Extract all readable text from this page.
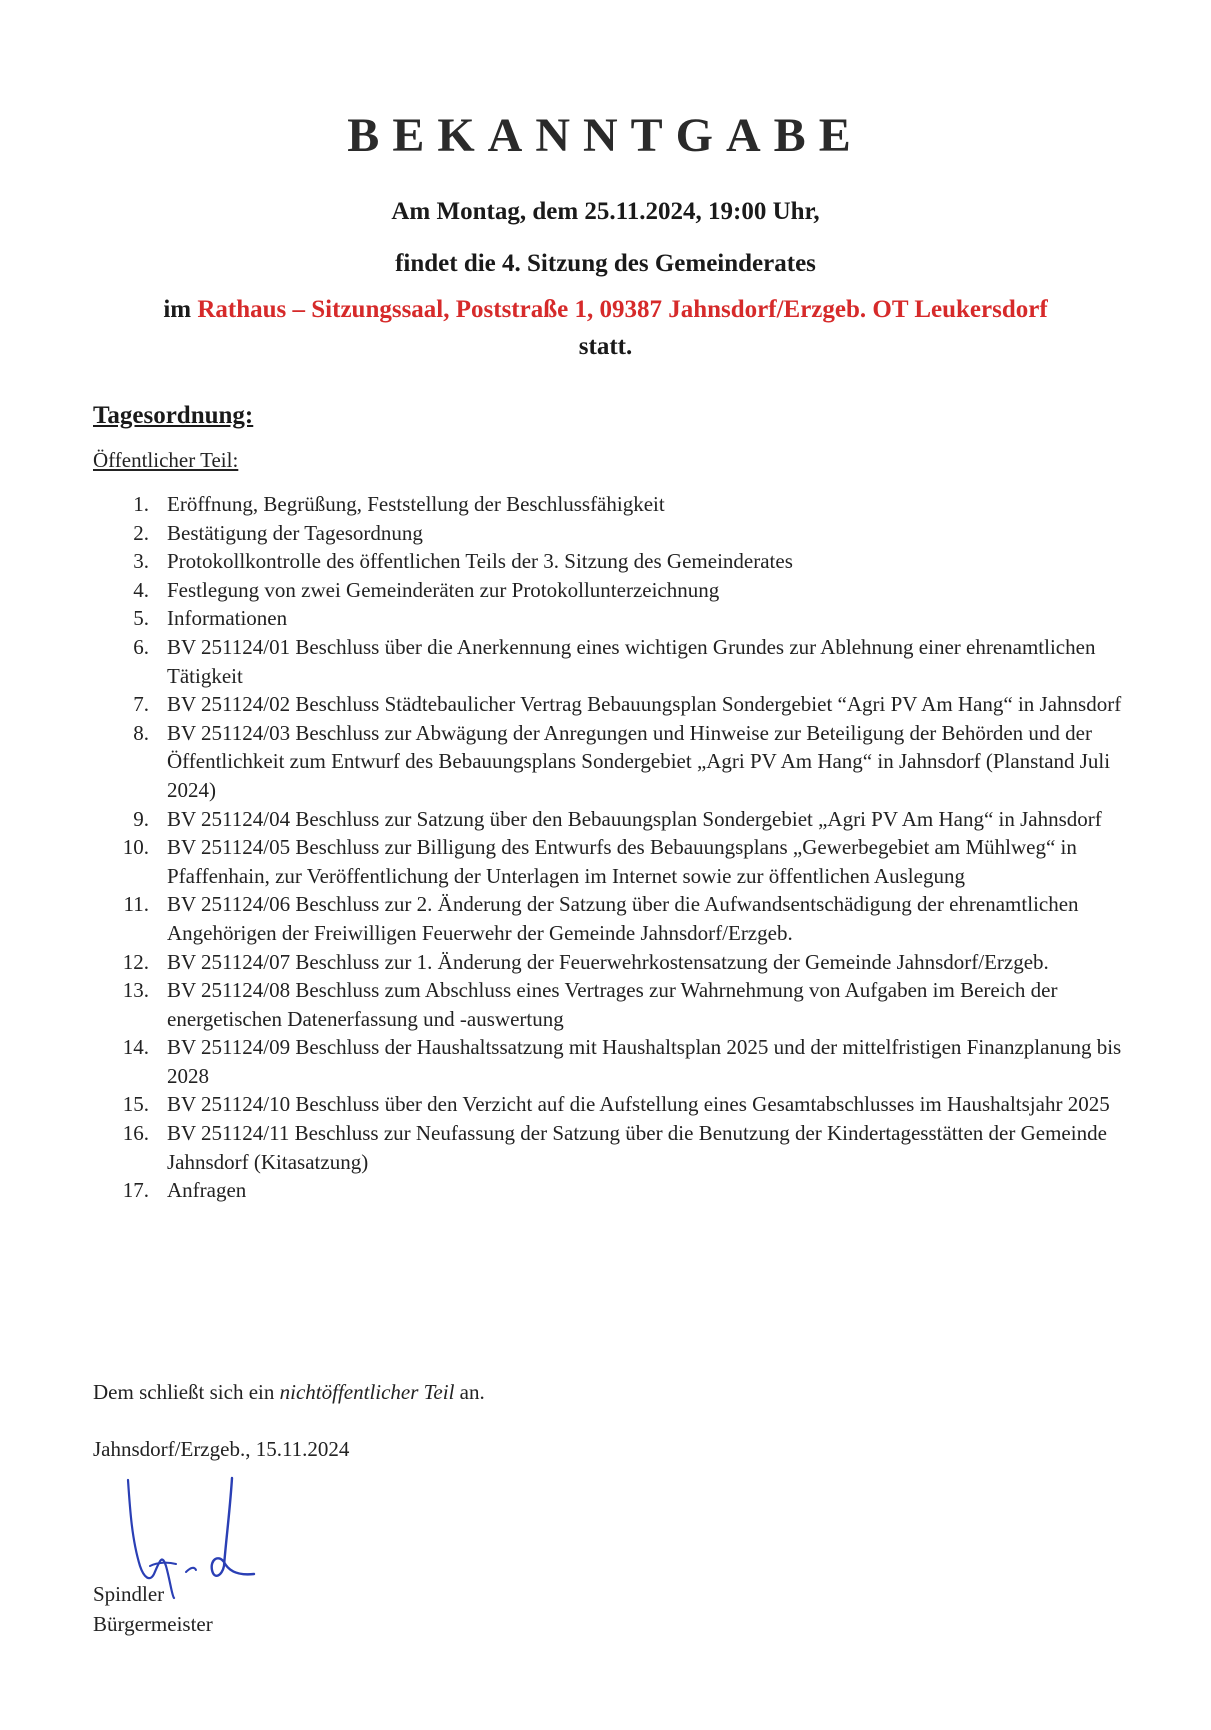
BEKANNTGABE
Am Montag, dem 25.11.2024, 19:00 Uhr,
findet die 4. Sitzung des Gemeinderates
im Rathaus – Sitzungssaal, Poststraße 1, 09387 Jahnsdorf/Erzgeb. OT Leukersdorf
statt.
Tagesordnung:
Öffentlicher Teil:
1. Eröffnung, Begrüßung, Feststellung der Beschlussfähigkeit
2. Bestätigung der Tagesordnung
3. Protokollkontrolle des öffentlichen Teils der 3. Sitzung des Gemeinderates
4. Festlegung von zwei Gemeinderäten zur Protokollunterzeichnung
5. Informationen
6. BV 251124/01 Beschluss über die Anerkennung eines wichtigen Grundes zur Ablehnung einer ehrenamtlichen Tätigkeit
7. BV 251124/02 Beschluss Städtebaulicher Vertrag Bebauungsplan Sondergebiet “Agri PV Am Hang“ in Jahnsdorf
8. BV 251124/03 Beschluss zur Abwägung der Anregungen und Hinweise zur Beteiligung der Behörden und der Öffentlichkeit zum Entwurf des Bebauungsplans Sondergebiet „Agri PV Am Hang“ in Jahnsdorf (Planstand Juli 2024)
9. BV 251124/04 Beschluss zur Satzung über den Bebauungsplan Sondergebiet „Agri PV Am Hang“ in Jahnsdorf
10. BV 251124/05 Beschluss zur Billigung des Entwurfs des Bebauungsplans „Gewerbegebiet am Mühlweg“ in Pfaffenhain, zur Veröffentlichung der Unterlagen im Internet sowie zur öffentlichen Auslegung
11. BV 251124/06 Beschluss zur 2. Änderung der Satzung über die Aufwandsentschädigung der ehrenamtlichen Angehörigen der Freiwilligen Feuerwehr der Gemeinde Jahnsdorf/Erzgeb.
12. BV 251124/07 Beschluss zur 1. Änderung der Feuerwehrkostensatzung der Gemeinde Jahnsdorf/Erzgeb.
13. BV 251124/08 Beschluss zum Abschluss eines Vertrages zur Wahrnehmung von Aufgaben im Bereich der energetischen Datenerfassung und -auswertung
14. BV 251124/09 Beschluss der Haushaltssatzung mit Haushaltsplan 2025 und der mittelfristigen Finanzplanung bis 2028
15. BV 251124/10 Beschluss über den Verzicht auf die Aufstellung eines Gesamtabschlusses im Haushaltsjahr 2025
16. BV 251124/11 Beschluss zur Neufassung der Satzung über die Benutzung der Kindertagesstätten der Gemeinde Jahnsdorf (Kitasatzung)
17. Anfragen
Dem schließt sich ein nichtöffentlicher Teil an.
Jahnsdorf/Erzgeb., 15.11.2024
Spindler
Bürgermeister
